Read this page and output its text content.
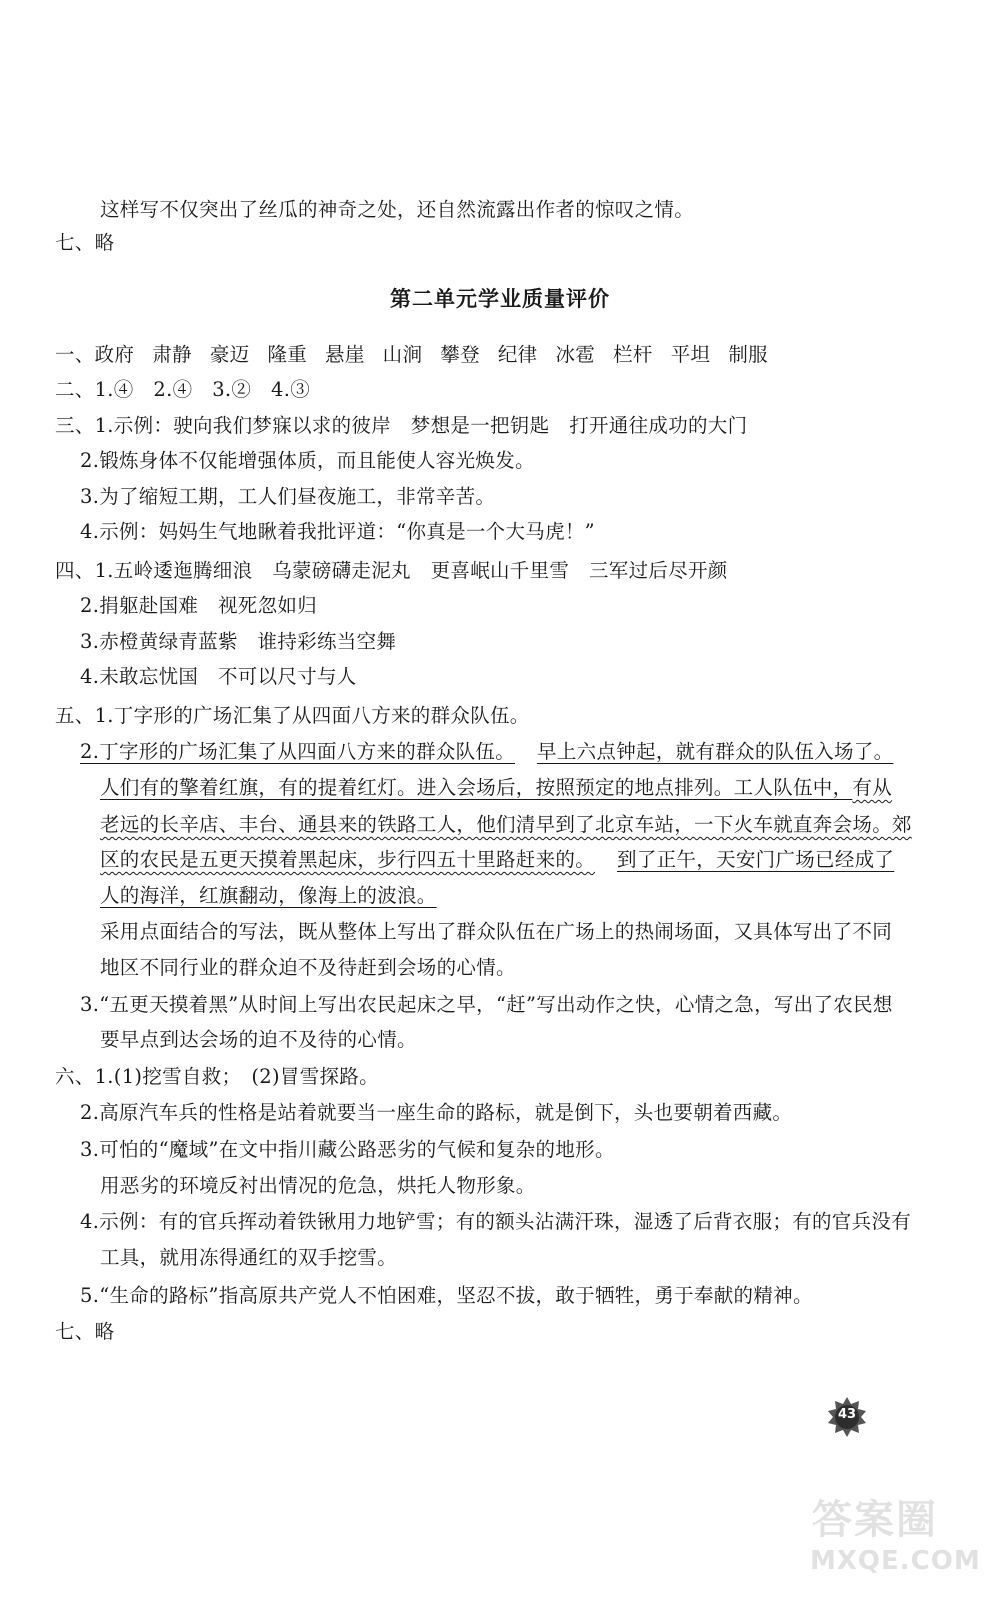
这样写不仅突出了丝瓜的神奇之处，还自然流露出作者的惊叹之情。
七、略
第二单元学业质量评价
一、政府 肃静 豪迈 隆重 悬崖 山涧 攀登 纪律 冰雹 栏杆 平坦 制服
二、1.④　2.④　3.②　4.③
三、1.示例：驶向我们梦寐以求的彼岸　梦想是一把钥匙　打开通往成功的大门
2.锻炼身体不仅能增强体质，而且能使人容光焕发。
3.为了缩短工期，工人们昼夜施工，非常辛苦。
4.示例：妈妈生气地瞅着我批评道：“你真是一个大马虎！”
四、1.五岭逶迤腾细浪　乌蒙磅礴走泥丸　更喜岷山千里雪　三军过后尽开颜
2.捐躯赴国难　视死忽如归
3.赤橙黄绿青蓝紫　谁持彩练当空舞
4.未敢忘忧国　不可以尺寸与人
五、1.丁字形的广场汇集了从四面八方来的群众队伍。
2.丁字形的广场汇集了从四面八方来的群众队伍。 早上六点钟起，就有群众的队伍入场了。
人们有的擎着红旗，有的提着红灯。进入会场后，按照预定的地点排列。工人队伍中，有从
老远的长辛店、丰台、通县来的铁路工人，他们清早到了北京车站，一下火车就直奔会场。郊
区的农民是五更天摸着黑起床，步行四五十里路赶来的。 到了正午，天安门广场已经成了
人的海洋，红旗翻动，像海上的波浪。
采用点面结合的写法，既从整体上写出了群众队伍在广场上的热闹场面，又具体写出了不同
地区不同行业的群众迫不及待赶到会场的心情。
3.“五更天摸着黑”从时间上写出农民起床之早，“赶”写出动作之快，心情之急，写出了农民想
要早点到达会场的迫不及待的心情。
六、1.(1)挖雪自救；　(2)冒雪探路。
2.高原汽车兵的性格是站着就要当一座生命的路标，就是倒下，头也要朝着西藏。
3.可怕的“魔域”在文中指川藏公路恶劣的气候和复杂的地形。
用恶劣的环境反衬出情况的危急，烘托人物形象。
4.示例：有的官兵挥动着铁锹用力地铲雪；有的额头沾满汗珠，湿透了后背衣服；有的官兵没有
工具，就用冻得通红的双手挖雪。
5.“生命的路标”指高原共产党人不怕困难，坚忍不拔，敢于牺牲，勇于奉献的精神。
七、略
43
答案圈
MXQE.COM
